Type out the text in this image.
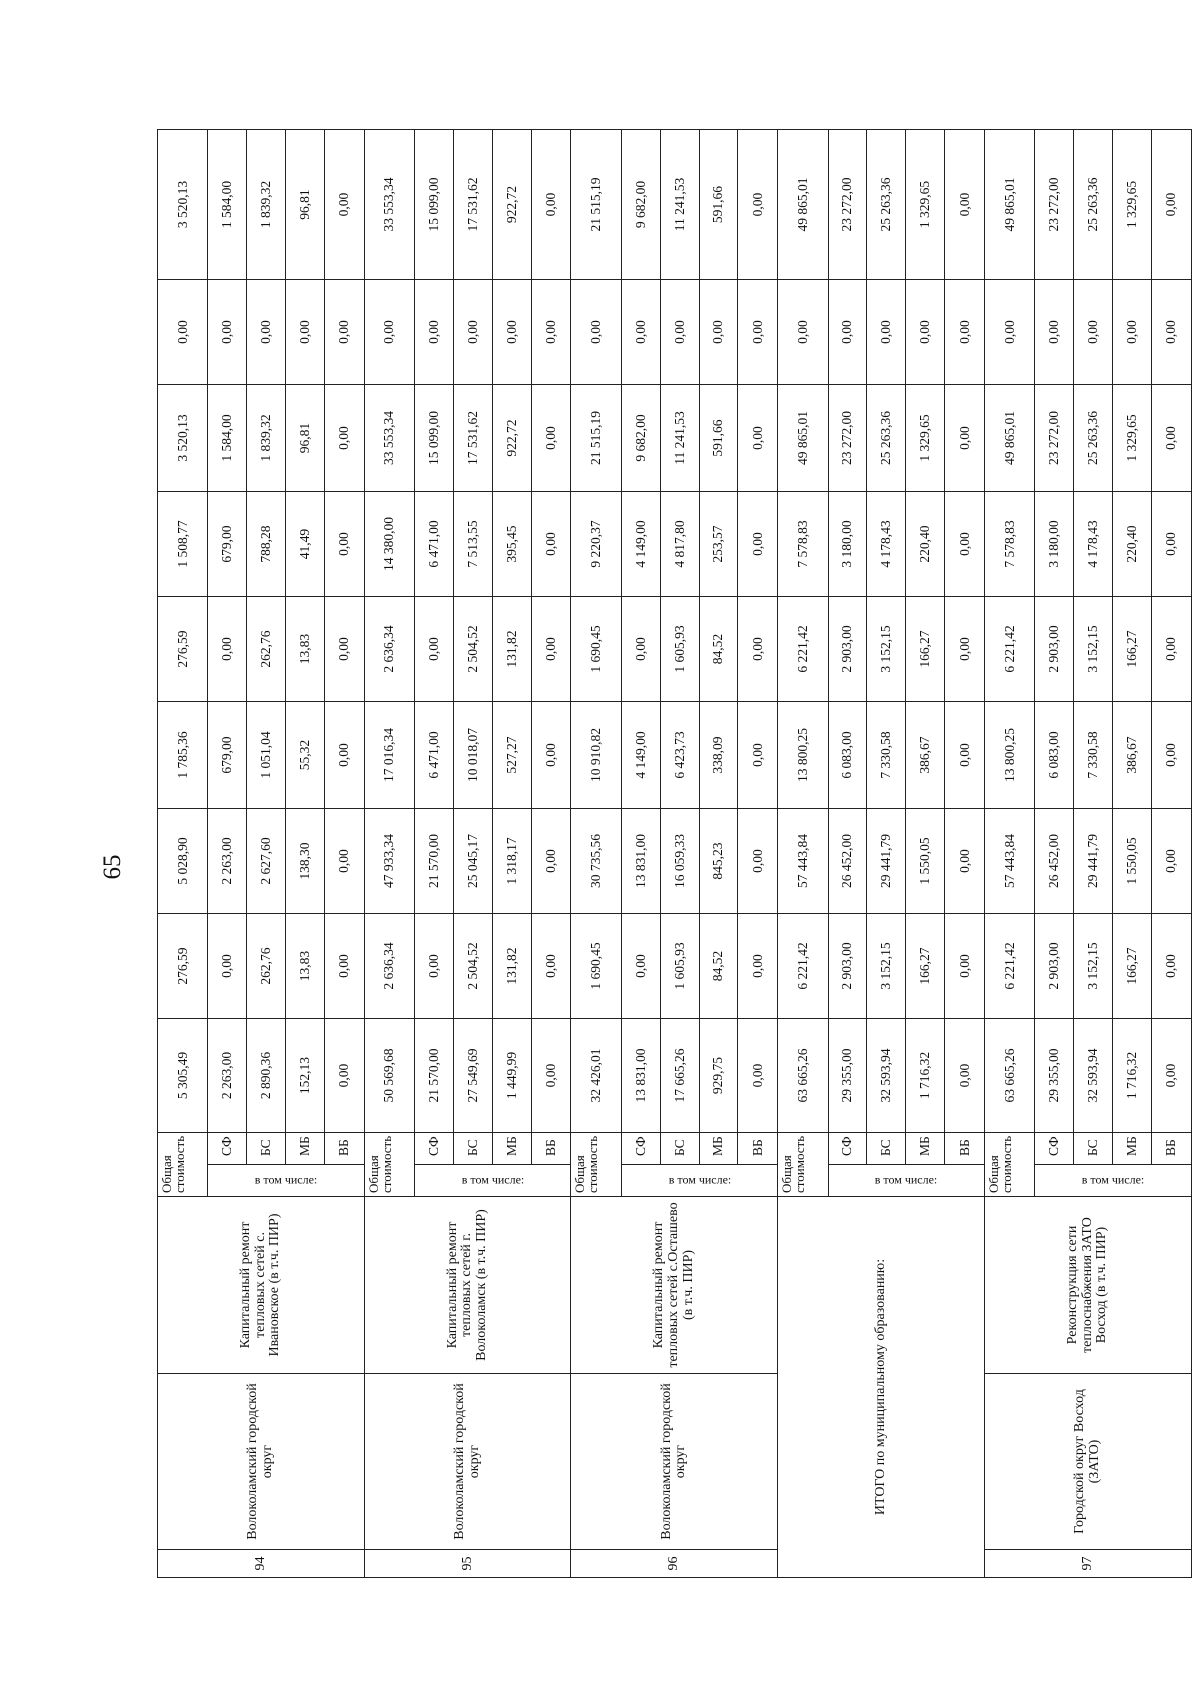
65
94	Волоколамский городской округ	Капитальный ремонт тепловых сетей с. Ивановское (в т.ч. ПИР)	Общая стоимость		5 305,49	276,59	5 028,90	1 785,36	276,59	1 508,77	3 520,13	0,00	3 520,13

			в том числе:	СФ	2 263,00	0,00	2 263,00	679,00	0,00	679,00	1 584,00	0,00	1 584,00
				БС	2 890,36	262,76	2 627,60	1 051,04	262,76	788,28	1 839,32	0,00	1 839,32
				МБ	152,13	13,83	138,30	55,32	13,83	41,49	96,81	0,00	96,81
				ВБ	0,00	0,00	0,00	0,00	0,00	0,00	0,00	0,00	0,00
95	Волоколамский городской округ	Капитальный ремонт тепловых сетей г. Волоколамск (в т.ч. ПИР)	Общая стоимость		50 569,68	2 636,34	47 933,34	17 016,34	2 636,34	14 380,00	33 553,34	0,00	33 553,34

			в том числе:	СФ	21 570,00	0,00	21 570,00	6 471,00	0,00	6 471,00	15 099,00	0,00	15 099,00
				БС	27 549,69	2 504,52	25 045,17	10 018,07	2 504,52	7 513,55	17 531,62	0,00	17 531,62
				МБ	1 449,99	131,82	1 318,17	527,27	131,82	395,45	922,72	0,00	922,72
				ВБ	0,00	0,00	0,00	0,00	0,00	0,00	0,00	0,00	0,00
96	Волоколамский городской округ	Капитальный ремонт тепловых сетей с.Осташево (в т.ч. ПИР)	Общая стоимость		32 426,01	1 690,45	30 735,56	10 910,82	1 690,45	9 220,37	21 515,19	0,00	21 515,19

			в том числе:	СФ	13 831,00	0,00	13 831,00	4 149,00	0,00	4 149,00	9 682,00	0,00	9 682,00
				БС	17 665,26	1 605,93	16 059,33	6 423,73	1 605,93	4 817,80	11 241,53	0,00	11 241,53
				МБ	929,75	84,52	845,23	338,09	84,52	253,57	591,66	0,00	591,66
				ВБ	0,00	0,00	0,00	0,00	0,00	0,00	0,00	0,00	0,00
ИТОГО по муниципальному образованию:			Общая стоимость		63 665,26	6 221,42	57 443,84	13 800,25	6 221,42	7 578,83	49 865,01	0,00	49 865,01

			в том числе:	СФ	29 355,00	2 903,00	26 452,00	6 083,00	2 903,00	3 180,00	23 272,00	0,00	23 272,00
				БС	32 593,94	3 152,15	29 441,79	7 330,58	3 152,15	4 178,43	25 263,36	0,00	25 263,36
				МБ	1 716,32	166,27	1 550,05	386,67	166,27	220,40	1 329,65	0,00	1 329,65
				ВБ	0,00	0,00	0,00	0,00	0,00	0,00	0,00	0,00	0,00
97	Городской округ Восход (ЗАТО)	Реконструкция сети теплоснабжения ЗАТО Восход (в т.ч. ПИР)	Общая стоимость		63 665,26	6 221,42	57 443,84	13 800,25	6 221,42	7 578,83	49 865,01	0,00	49 865,01

			в том числе:	СФ	29 355,00	2 903,00	26 452,00	6 083,00	2 903,00	3 180,00	23 272,00	0,00	23 272,00
				БС	32 593,94	3 152,15	29 441,79	7 330,58	3 152,15	4 178,43	25 263,36	0,00	25 263,36
				МБ	1 716,32	166,27	1 550,05	386,67	166,27	220,40	1 329,65	0,00	1 329,65
				ВБ	0,00	0,00	0,00	0,00	0,00	0,00	0,00	0,00	0,00
